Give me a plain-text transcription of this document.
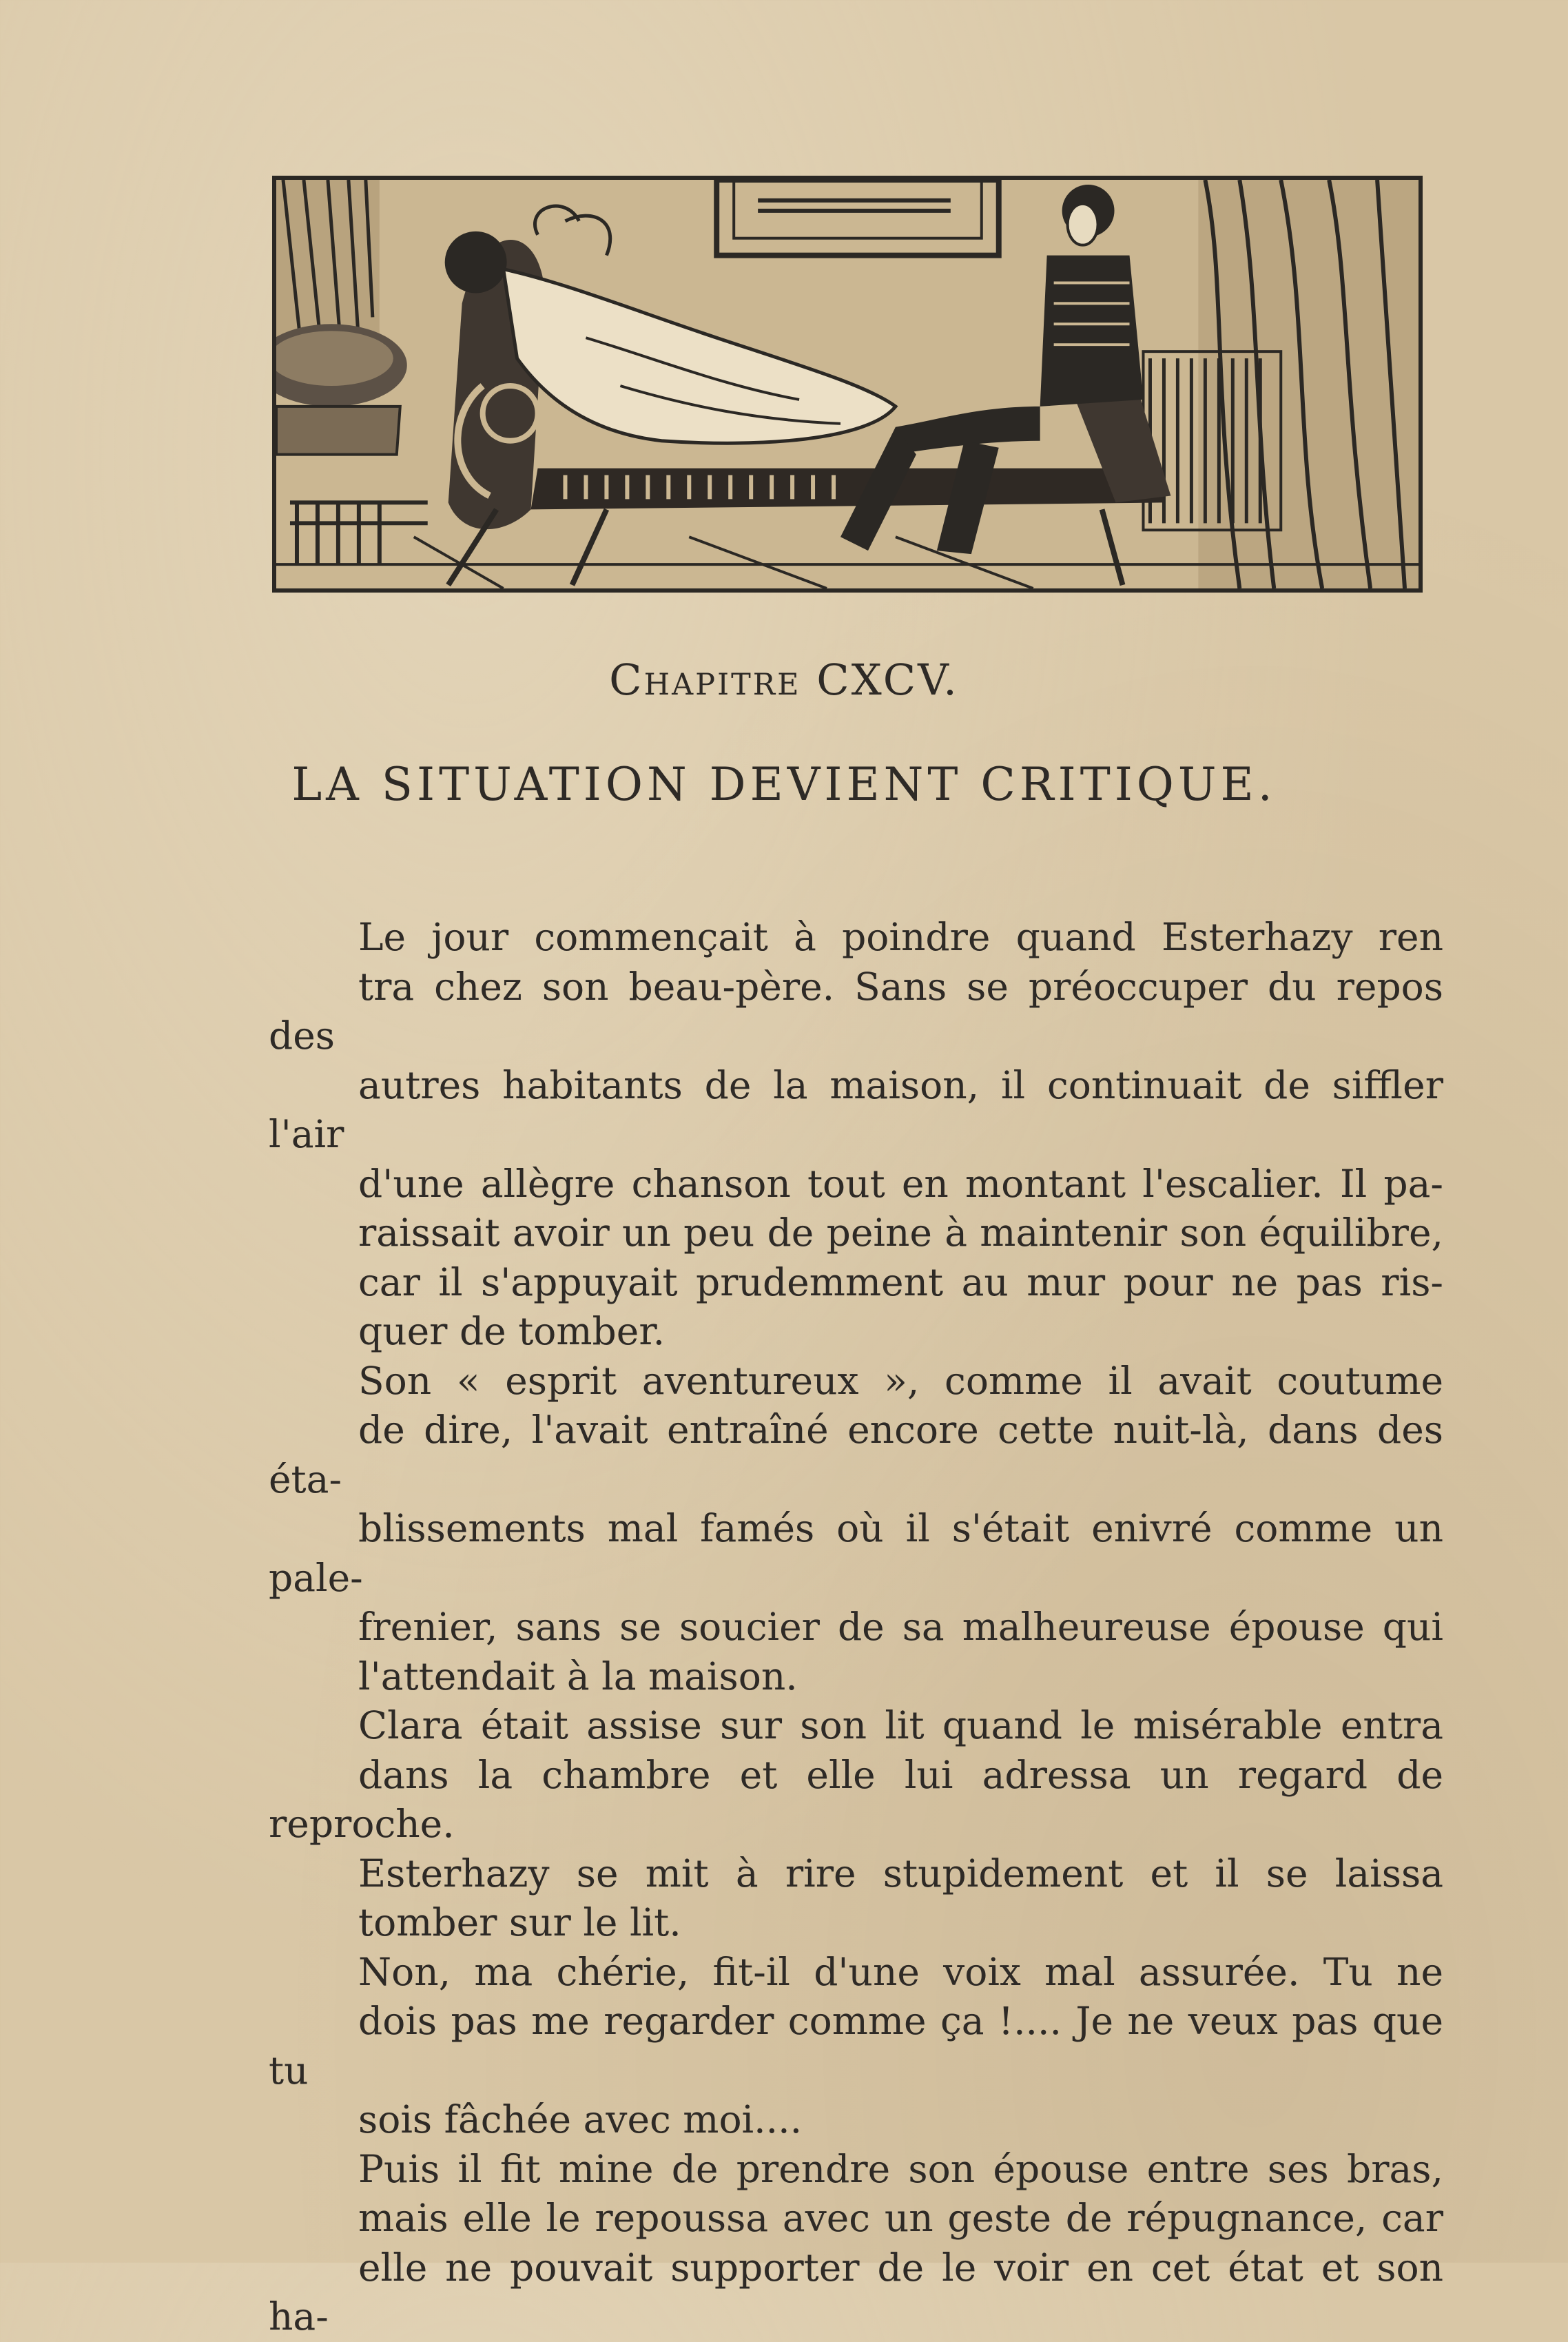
Chapitre CXCV.
LA SITUATION DEVIENT CRITIQUE.

Le jour commençait à poindre quand Esterhazy ren
tra chez son beau-père. Sans se préoccuper du repos des
autres habitants de la maison, il continuait de siffler l'air
d'une allègre chanson tout en montant l'escalier. Il pa-
raissait avoir un peu de peine à maintenir son équilibre,
car il s'appuyait prudemment au mur pour ne pas ris-
quer de tomber.

Son « esprit aventureux », comme il avait coutume
de dire, l'avait entraîné encore cette nuit-là, dans des éta-
blissements mal famés où il s'était enivré comme un pale-
frenier, sans se soucier de sa malheureuse épouse qui
l'attendait à la maison.

Clara était assise sur son lit quand le misérable entra
dans la chambre et elle lui adressa un regard de reproche.

Esterhazy se mit à rire stupidement et il se laissa
tomber sur le lit.

Non, ma chérie, fit-il d'une voix mal assurée. Tu ne
dois pas me regarder comme ça !.... Je ne veux pas que tu
sois fâchée avec moi....

Puis il fit mine de prendre son épouse entre ses bras,
mais elle le repoussa avec un geste de répugnance, car
elle ne pouvait supporter de le voir en cet état et son ha-
